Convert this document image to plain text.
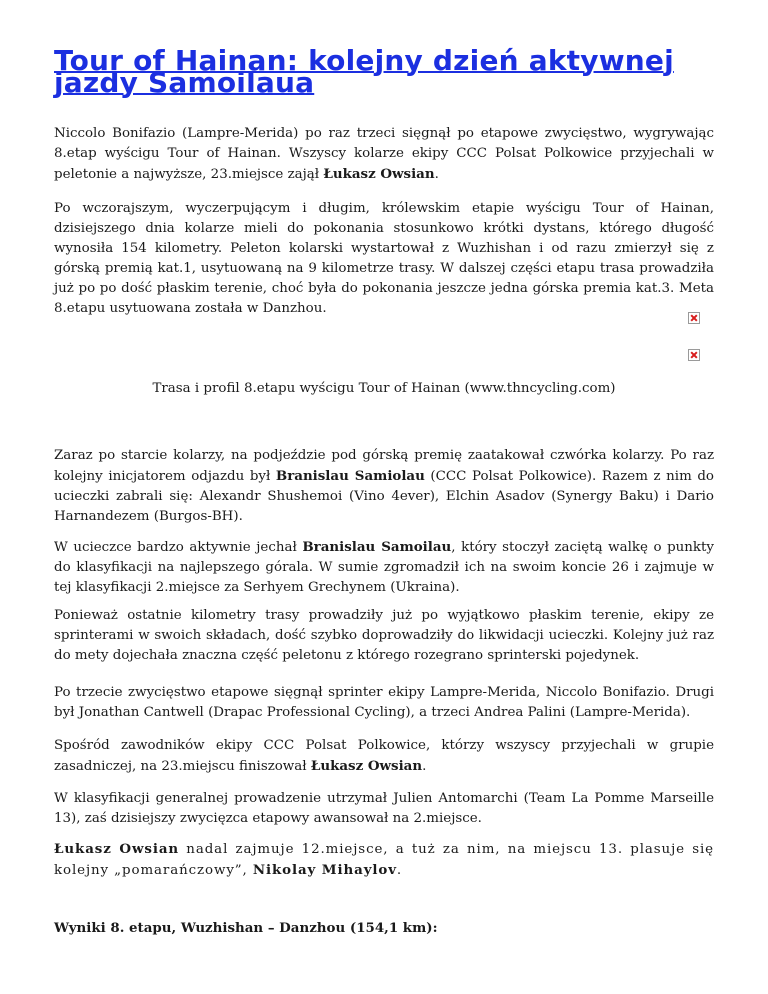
Tour of Hainan: kolejny dzień aktywnej jazdy Samoilaua

Niccolo Bonifazio (Lampre-Merida) po raz trzeci sięgnął po etapowe zwycięstwo, wygrywając 8.etap wyścigu Tour of Hainan. Wszyscy kolarze ekipy CCC Polsat Polkowice przyjechali w peletonie a najwyższe, 23.miejsce zajął Łukasz Owsian.

Po wczorajszym, wyczerpującym i długim, królewskim etapie wyścigu Tour of Hainan, dzisiejszego dnia kolarze mieli do pokonania stosunkowo krótki dystans, którego długość wynosiła 154 kilometry. Peleton kolarski wystartował z Wuzhishan i od razu zmierzył się z górską premią kat.1, usytuowaną na 9 kilometrze trasy. W dalszej części etapu trasa prowadziła już po po dość płaskim terenie, choć była do pokonania jeszcze jedna górska premia kat.3. Meta 8.etapu usytuowana została w Danzhou.

Trasa i profil 8.etapu wyścigu Tour of Hainan (www.thncycling.com)

Zaraz po starcie kolarzy, na podjeździe pod górską premię zaatakował czwórka kolarzy. Po raz kolejny inicjatorem odjazdu był Branislau Samiolau (CCC Polsat Polkowice). Razem z nim do ucieczki zabrali się: Alexandr Shushemoi (Vino 4ever), Elchin Asadov (Synergy Baku) i Dario Harnandezem (Burgos-BH).

W ucieczce bardzo aktywnie jechał Branislau Samoilau, który stoczył zaciętą walkę o punkty do klasyfikacji na najlepszego górala. W sumie zgromadził ich na swoim koncie 26 i zajmuje w tej klasyfikacji 2.miejsce za Serhyem Grechynem (Ukraina).

Ponieważ ostatnie kilometry trasy prowadziły już po wyjątkowo płaskim terenie, ekipy ze sprinterami w swoich składach, dość szybko doprowadziły do likwidacji ucieczki. Kolejny już raz do mety dojechała znaczna część peletonu z którego rozegrano sprinterski pojedynek.

Po trzecie zwycięstwo etapowe sięgnął sprinter ekipy Lampre-Merida, Niccolo Bonifazio. Drugi był Jonathan Cantwell (Drapac Professional Cycling), a trzeci Andrea Palini (Lampre-Merida).

Spośród zawodników ekipy CCC Polsat Polkowice, którzy wszyscy przyjechali w grupie zasadniczej, na 23.miejscu finiszował Łukasz Owsian.

W klasyfikacji generalnej prowadzenie utrzymał Julien Antomarchi (Team La Pomme Marseille 13), zaś dzisiejszy zwycięzca etapowy awansował na 2.miejsce.

Łukasz Owsian nadal zajmuje 12.miejsce, a tuż za nim, na miejscu 13. plasuje się kolejny „pomarańczowy”, Nikolay Mihaylov.

Wyniki 8. etapu, Wuzhishan – Danzhou (154,1 km):
